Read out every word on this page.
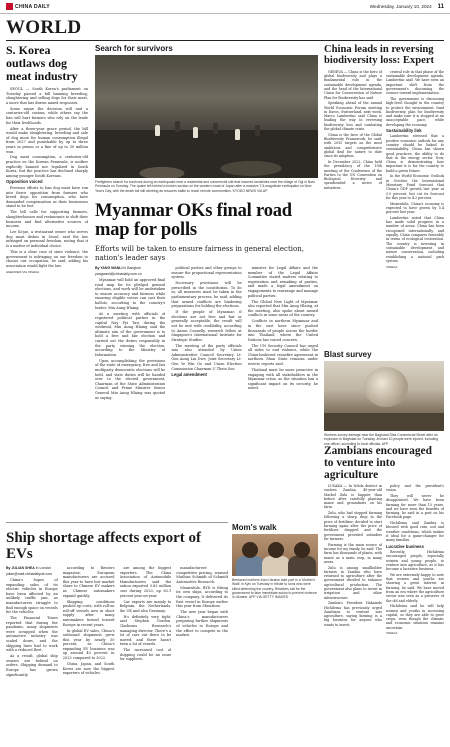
CHINA DAILY	Wednesday, January 10, 2024 11
WORLD
S. Korea outlaws dog meat industry

SEOUL — South Korea's parliament on Tuesday passed a bill banning breeding, slaughtering and selling dogs for their meat, a move that has drawn mixed responses.

Some argue the decision will end a centuries-old custom, while others say the ban will hurt farmers who rely on the trade for their livelihoods.

After a three-year grace period, the bill would make slaughtering, breeding and sale of dog meat for human consumption illegal from 2027 and punishable by up to three years in prison or a fine of up to 30 million won.

Dog meat consumption, a centuries-old practice on the Korean Peninsula, is neither explicitly banned nor legalized in South Korea, but the practice has declined sharply among younger South Koreans.

Opposition voiced

Previous efforts to ban dog meat have run into fierce opposition from farmers who breed dogs for consumption, who have demanded compensation as their businesses stand to be lost.

The bill calls for supporting farmers, slaughterhouses and restaurants to shift their business and find alternative sources of income.

Lee Ki-jae, a restaurant owner who serves dog meat dishes in Seoul, said the law infringed on personal freedom, noting that it is a matter of individual choice.

This is a clear case of state violence, the government is infringing on our freedom to choose our occupation, he said, adding his association would fight the law.

AGENCIES VIA XINHUA

Search for survivors
Firefighters search for survivors during an earthquake near a residential and commercial site that incurred landslides near the village of Ogi in Noto Peninsula on Tuesday. The quake left behind a broken section on the western coast of Japan after a massive 7.5-magnitude earthquake on New Year's Day, with the death toll still climbing as rescuers battle to reach remote communities. KYODO NEWS VIA AP
Myanmar OKs final road map for polls
Efforts will be taken to ensure fairness in general election, nation's leader says

By YANG WANLI in Bangkok

yangwanli@chinadaily.com.cn

Myanmar will hold an approved final road map for its pledged general elections, and work will be undertaken to ensure accuracy and fairness while ensuring eligible voters can cast their ballots, according to the country's leader, Min Aung Hlaing.

At a meeting with officials of registered political parties in the capital Nay Pyi Taw during the weekend, Min Aung Hlaing said the ultimate aim of the government is to hold a free and fair election and carried out the duties responsibly in the party winning the election, according to the Ministry of Information.

Upon accomplishing the provisions of the state of emergency, free and fair multiparty democratic elections will be held, and state duties will be handed over to the elected government, Chairman of the State Administration Council and Prime Minister Senior General Min Aung Hlaing was quoted as saying.

political parties and other groups to ensure the proportional representation system.

Necessary provisions will be prescribed in the constitution. To do so, all measures must be taken in the parliamentary process, he said, adding that armed conflicts are hindering preparations for holding the elections.

If the people of Myanmar, if elections are not free and fair or generally acceptable, the result will not be met with credibility, according to Aaron Connelly, research fellow at Singapore's International Institute for Strategic Studies.

The meeting of the party officials was also attended by Union Administrative Council Secretary Lt-Gen Aung Lin Dwe, Joint Secretary Lt-Gen Ye Win Oo and Union Election Commission Chairman U Thein Soe.

Legal amendment

minister for Legal Affairs and the member of the Legal Affairs Committee stated matters relating to registration and remaking of parties, and made a legal amendment on engagements to rearrange and manage political parties.

The Global New Light of Myanmar also reported that Min Aung Hlaing, at the meeting, also spoke about armed conflicts in some areas of the country.

Conflicts in northern Myanmar and in the east have since pushed thousands of people across the border into Thailand, where the United Nations has voiced concern.

The UN Security Council has urged all sides to end violence, while the China-brokered ceasefire agreement in northern Shan State remains under review, reports said.

Thailand must be more proactive in engaging with all stakeholders in the Myanmar crisis, as the situation has a significant impact on its security, he noted.

China leads in reversing biodiversity loss: Expert

GENEVA — China is the hero of global biodiversity and plays a fundamental role in the sustainable development agenda, and the head of the International Union for Conservation of Nature Plan for Biodiversity has said.

Speaking ahead of the annual World Economic Forum meeting in Davos, Switzerland, next week, Marco Lambertini said China is leading the way in reversing biodiversity loss and combating the global climate crisis.

China is the hero of the Global Biodiversity Framework, he said, with 2030 targets on the most ambitious and comprehensive global deal for nature to date since its adoption.

In December 2022, China held the presidency of the 15th meeting of the Conference of the Parties to the UN Convention on Biological Diversity and spearheaded a series of initiatives.

central role in that phase of the sustainable development agenda, Lambertini said. We have seen an important shift from the government's discussing the science toward implementation.

The government is discussing high-level thought in the country to protect the environment, fund biodiversity, plan for biodiversity and make sure it is stopped at an unacceptable pace, while developing the economy.

Sustainability link

Lambertini stressed that a positive economic outlook for any country should be linked to sustainability. China has shown good practices, the ability to do that in the energy sector. Now, China is demonstrating how important it is for the country to build a green future.

In the World Economic Outlook in October, the International Monetary Fund forecast that China's GDP growth last year at 5.0 percent, but cut its forecast for this year to 4.2 percent.

Meanwhile, China's economy is expected to have grown by 5.4 percent last year.

Lambertini noted that China has made solid progress in a number of areas. China has been recognized internationally, and equally, China compares favorably in terms of ecological restoration. The country is investing in sustainable development and nature conservation, including establishing a national park system.

XINHUA

Blast survey
Workers survey damage near the Baghdad Shia Commercial Street after an explosion in Baghdad on Tuesday. At least 10 people were injured, including one officer, according to local officials. AFP
Zambians encouraged to venture into agriculture

LUSAKA — In Ndola district in eastern Zambia, 40-year-old Marbel Zulu is happier than before after carefully planting maize and groundnuts on his farm.

Zulu, who had stopped farming following a sharp drop in the price of fertilizer, decided to start farming again after the price of fertilizer dropped and the government provided subsidies for farmers.

Farming is the main source of income for my family, he said. The farm has thousands of plants, with maize as a main crop, in many areas.

Zulu is among smallholder farmers in Zambia who have returned to agriculture after the government decided to enhance agricultural production. The government also plans to invest in irrigation and other infrastructure.

Zambia's President Hakainde Hichilema has previously urged Zambians to venture into agriculture, saying farming is a big business for anyone who wants to invest.

policy and the president's vision.

They will never be disappointed. We have been farming for more than 15 years, and we have seen the benefits of farming, he said in a post on his Facebook page.

Hichilema said Zambia is blessed with good rain, soil and weather conditions, which makes it ideal for a game-changer for many families.

Lucrative business

Recently, Hichilema encouraged people, especially women and young people, to venture into agriculture, as it has become a lucrative business.

We are extremely happy to note that women and youths are showing a great interest in farming, he said. We have moved from an era where the agriculture sector was seen as a preserve of the old and elderly.

Hichilema said he will help women and youths in accessing capital, so they are able to grow crops, even though the climatic and economic situation remains uncertain.

XINHUA

Mom's walk
Bereaved mothers from Ukraine take part in a 'Mother's Walk' in Kyiv on Tuesday in tribute to sons who were killed defending the country. Relatives call for the government to take immediate action to prevent violence in Ukraine. AFP VIA GETTY IMAGES
Ship shortage affects export of EVs

By JULIAN SHEA in London

julian@mail.chinadailyuk.com

China's hopes of expanding sales of its electric vehicles in Europe have been affected by an unlikely traffic jam, as manufacturers struggle to find enough space on vessels for the vehicles.

The Financial Times reported that during the pandemic, many shipments were scrapped when the automotive industry was scaled down, and the shipping lines had to work with a reduced fleet.

As a result, global ship owners are behind on orders. Shipping demand to Europe has grown significantly.

according to Reuters magazine. European manufacturers are accused this year to have lost market share to Chinese EV makers as Chinese automakers expand quickly.

Shipping conditions pushed up costs, with roll-on roll-off vessels now in short supply after many automakers turned toward Europe in recent years.

In global EV sales, China's outbound shipments grew this year by nearly 30 percent, as China's expanding EV business was up around 40 percent in 2023 compared to 2022.

China, Japan, and South Korea are now the biggest exporters of vehicles.

are among the biggest exporters. The China Association of Automobile Manufacturers said the nation exported 3.83 million cars during 2023, up 63.1 percent year-on-year.

Car exports are mainly to Belgium, the Netherlands, the UK and also Germany.

It's definitely very tight, said Stephen Gordon, Clarksons Research's managing director. There's a lot of cars out there to be moved, and there hasn't been a lot of vessels.

The increased cost of shipping could be an issue for suppliers.

manufacturers' competitive pricing, warned Mathias Schmidt of Schmidt Automotive Research.

Meanwhile, BYD is fitting its own ships, according to the company. It delivered its first vessel in Europe earlier this year from Shenzhen.

The new year began with China's manufacturers preparing further shipments of vehicles to Europe and the effort to compete in the market.
